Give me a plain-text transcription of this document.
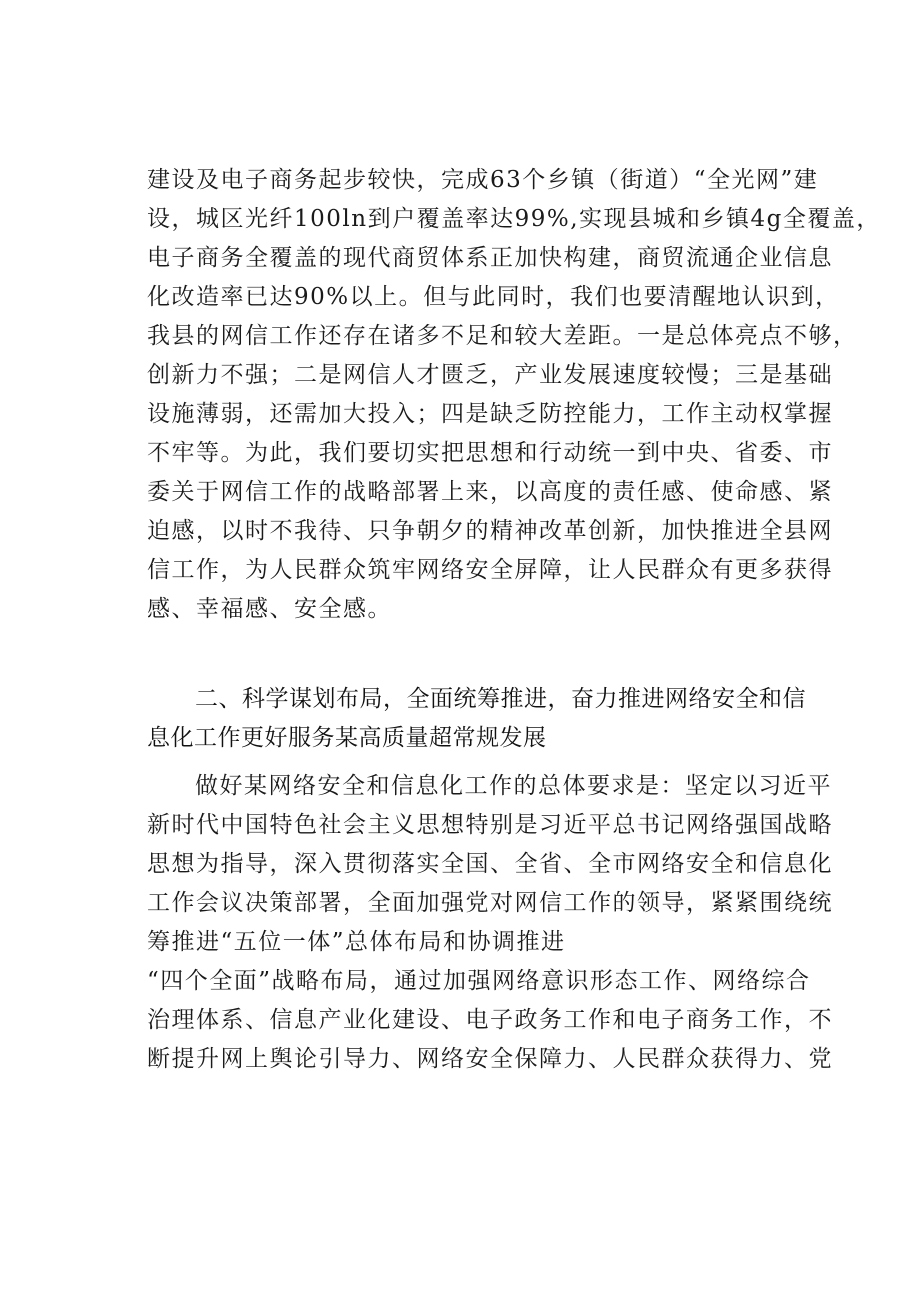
建设及电子商务起步较快，完成63个乡镇（街道）“全光网”建
设，城区光纤100ln到户覆盖率达99%,实现县城和乡镇4g全覆盖，
电子商务全覆盖的现代商贸体系正加快构建，商贸流通企业信息
化改造率已达90%以上。但与此同时，我们也要清醒地认识到，
我县的网信工作还存在诸多不足和较大差距。一是总体亮点不够，
创新力不强；二是网信人才匮乏，产业发展速度较慢；三是基础
设施薄弱，还需加大投入；四是缺乏防控能力，工作主动权掌握
不牢等。为此，我们要切实把思想和行动统一到中央、省委、市
委关于网信工作的战略部署上来，以高度的责任感、使命感、紧
迫感，以时不我待、只争朝夕的精神改革创新，加快推进全县网
信工作，为人民群众筑牢网络安全屏障，让人民群众有更多获得
感、幸福感、安全感。
二、科学谋划布局，全面统筹推进，奋力推进网络安全和信
息化工作更好服务某高质量超常规发展
做好某网络安全和信息化工作的总体要求是：坚定以习近平
新时代中国特色社会主义思想特别是习近平总书记网络强国战略
思想为指导，深入贯彻落实全国、全省、全市网络安全和信息化
工作会议决策部署，全面加强党对网信工作的领导，紧紧围绕统
筹推进“五位一体”总体布局和协调推进
“四个全面”战略布局，通过加强网络意识形态工作、网络综合
治理体系、信息产业化建设、电子政务工作和电子商务工作，不
断提升网上舆论引导力、网络安全保障力、人民群众获得力、党
